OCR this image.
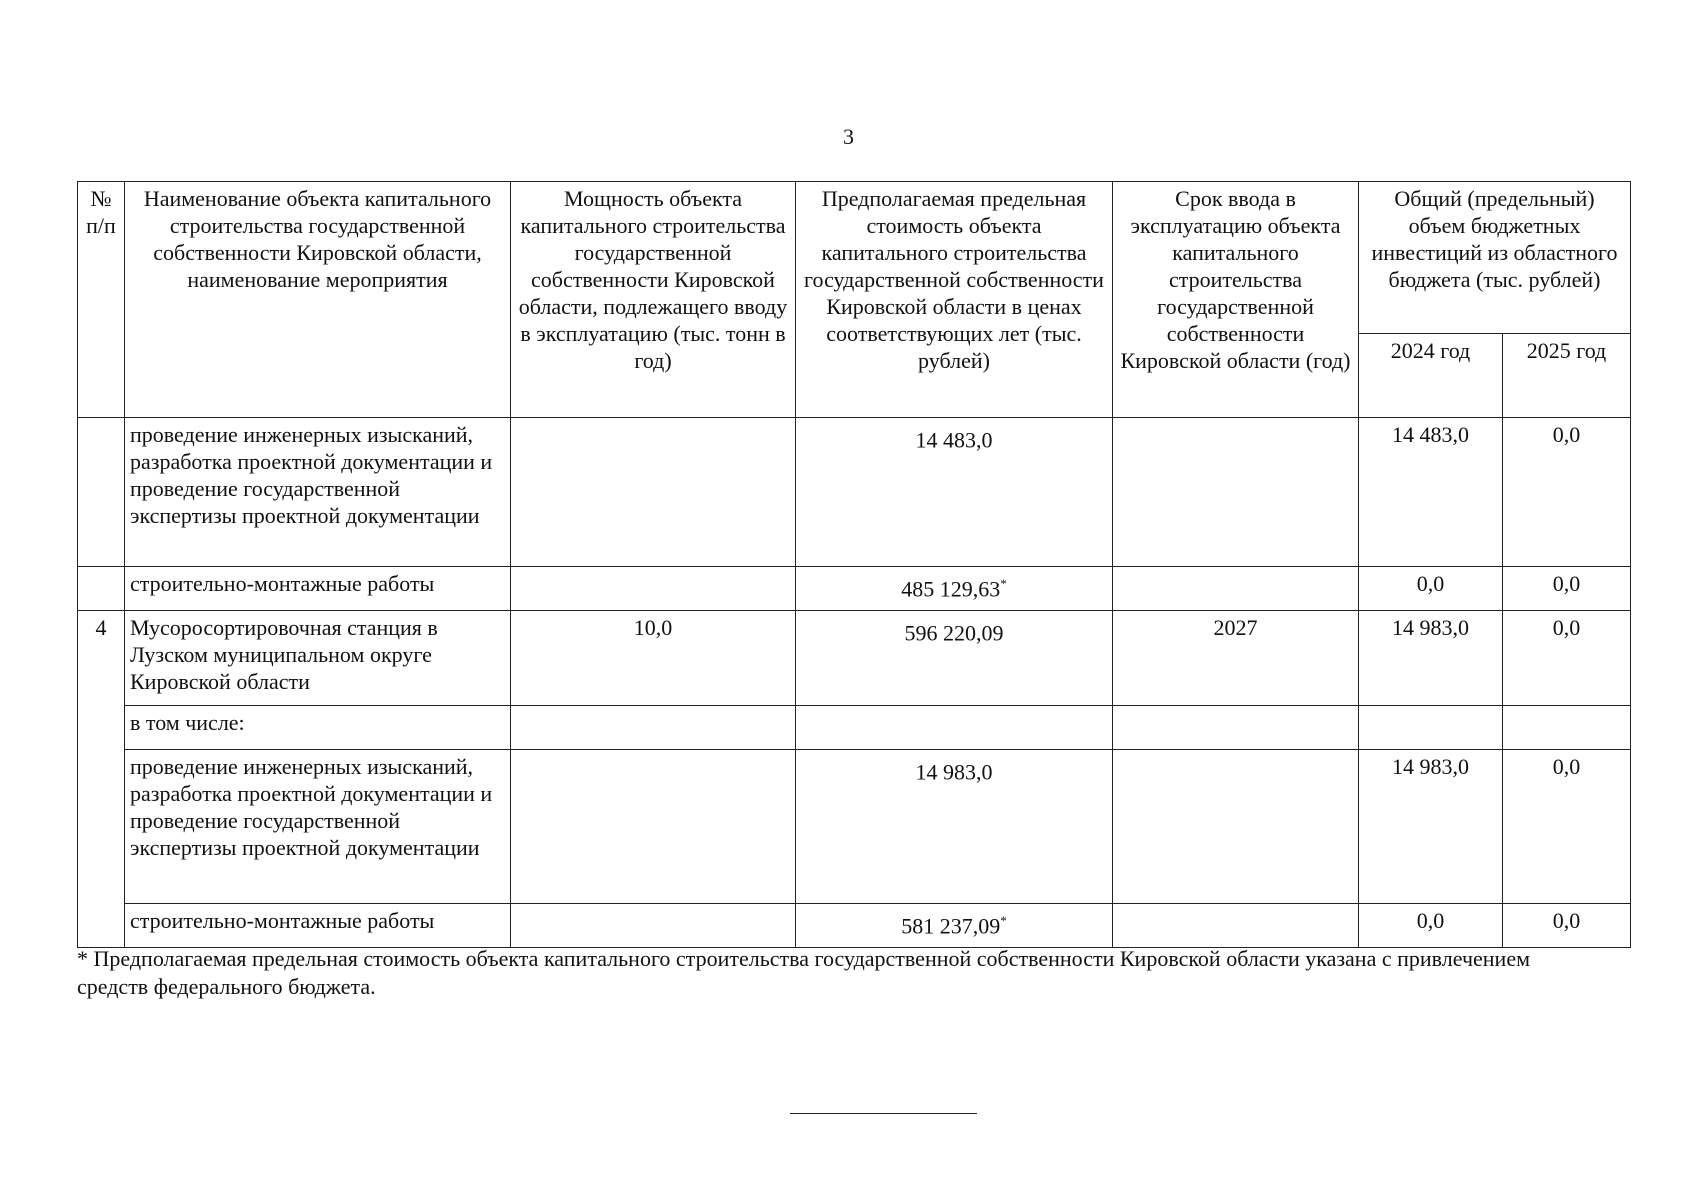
3
№ п/п	Наименование объекта капитального строительства государственной собственности Кировской области, наименование мероприятия	Мощность объекта капитального строительства государственной собственности Кировской области, подлежащего вводу в эксплуатацию (тыс. тонн в год)	Предполагаемая предельная стоимость объекта капитального строительства государственной собственности Кировской области в ценах соответствующих лет (тыс. рублей)	Срок ввода в эксплуатацию объекта капитального строительства государственной собственности Кировской области (год)	Общий (предельный) объем бюджетных инвестиций из областного бюджета (тыс. рублей)	
					2024 год	2025 год
	проведение инженерных изысканий, разработка проектной документации и проведение государственной экспертизы проектной документации		14 483,0		14 483,0	0,0
	строительно-монтажные работы		485 129,63*		0,0	0,0
4	Мусоросортировочная станция в Лузском муниципальном округе Кировской области	10,0	596 220,09	2027	14 983,0	0,0
	в том числе:					
	проведение инженерных изысканий, разработка проектной документации и проведение государственной экспертизы проектной документации		14 983,0		14 983,0	0,0
	строительно-монтажные работы		581 237,09*		0,0	0,0
* Предполагаемая предельная стоимость объекта капитального строительства государственной собственности Кировской области указана с привлечением средств федерального бюджета.
